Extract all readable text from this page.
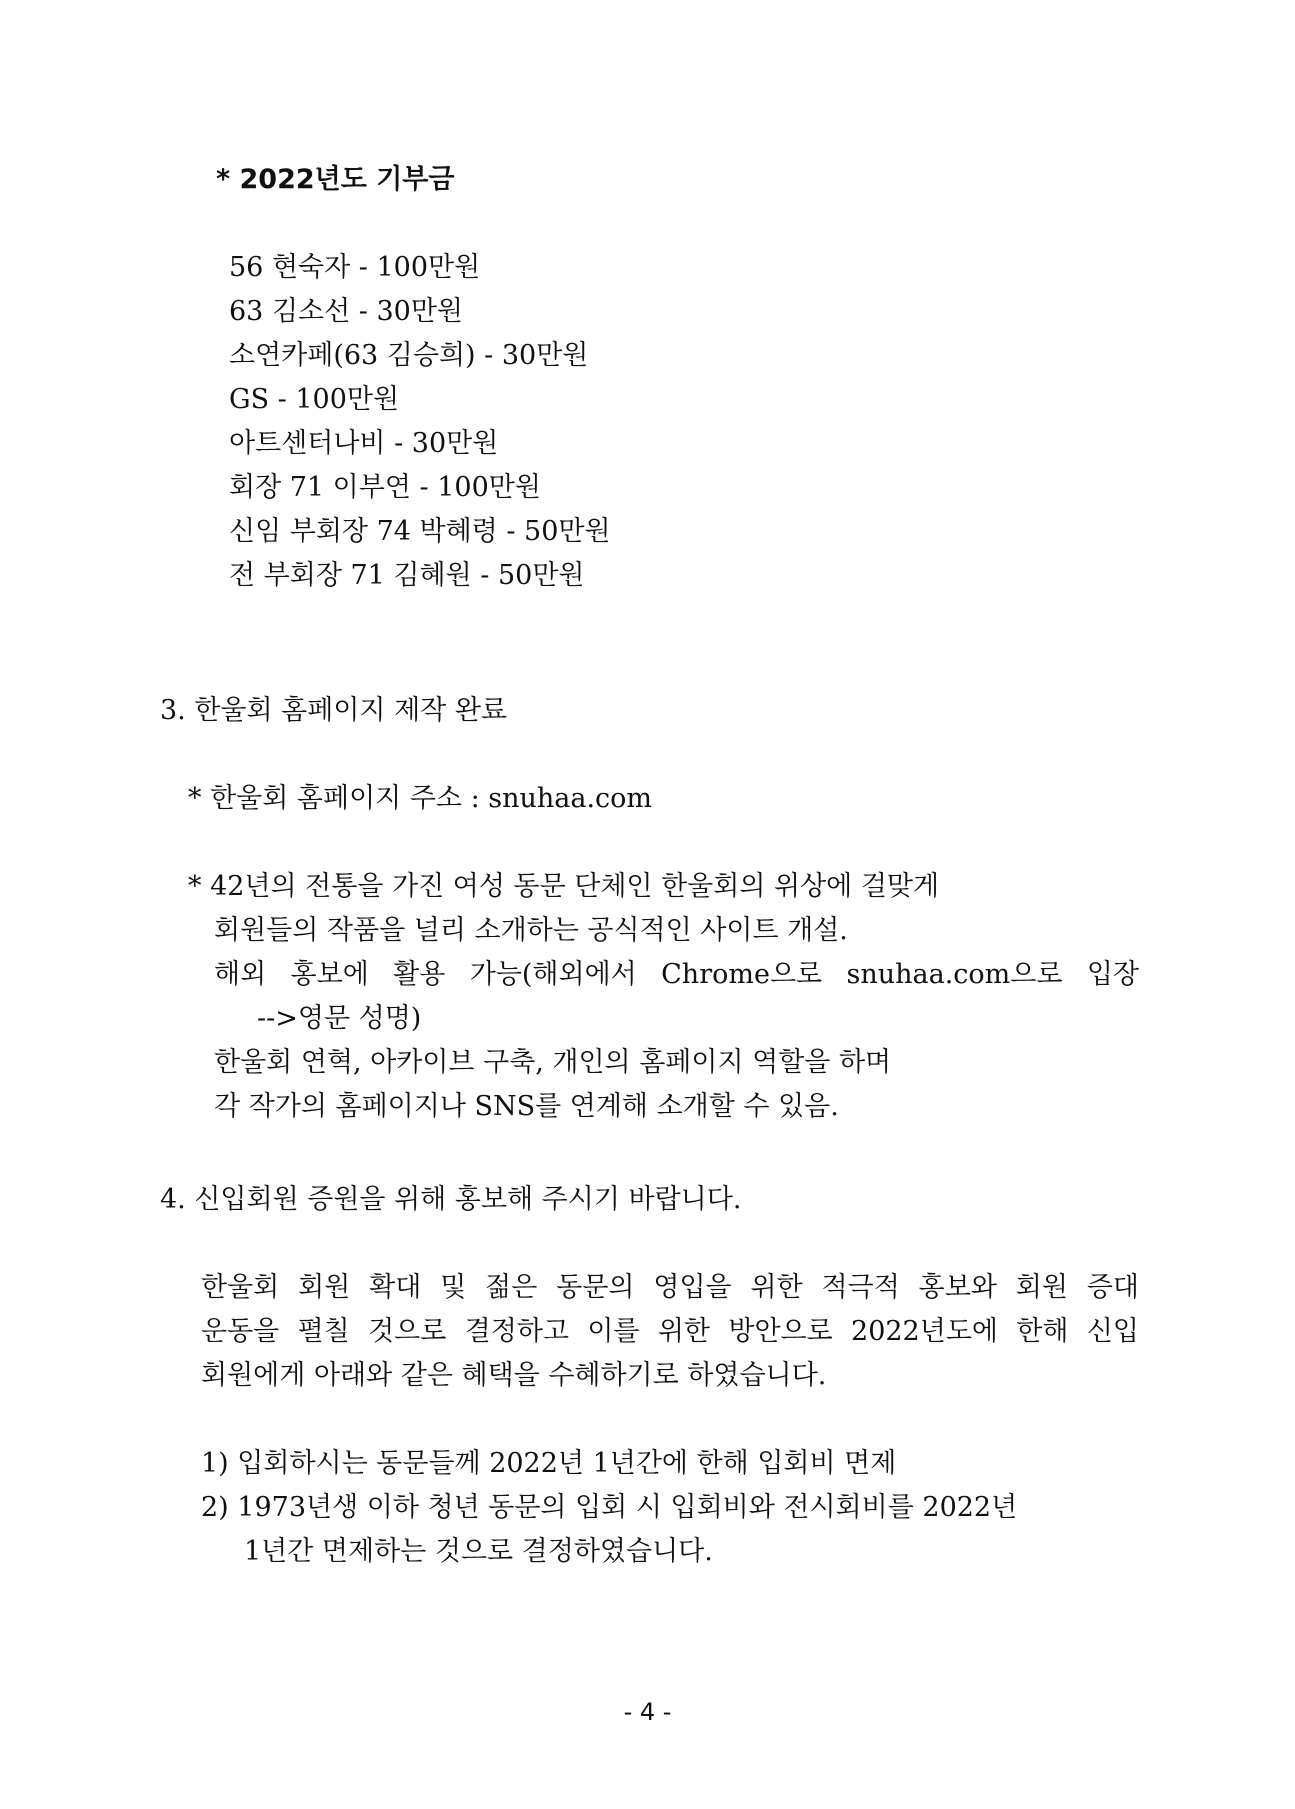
* 2022년도 기부금
56 현숙자 - 100만원
63 김소선 - 30만원
소연카페(63 김승희) - 30만원
GS - 100만원
아트센터나비 - 30만원
회장 71 이부연 - 100만원
신임 부회장 74 박혜령 - 50만원
전 부회장 71 김혜원 - 50만원
3. 한울회 홈페이지 제작 완료
* 한울회 홈페이지 주소 : snuhaa.com
* 42년의 전통을 가진 여성 동문 단체인 한울회의 위상에 걸맞게
회원들의 작품을 널리 소개하는 공식적인 사이트 개설.
해외 홍보에 활용 가능(해외에서 Chrome으로 snuhaa.com으로 입장
-->영문 성명)
한울회 연혁, 아카이브 구축, 개인의 홈페이지 역할을 하며
각 작가의 홈페이지나 SNS를 연계해 소개할 수 있음.
4. 신입회원 증원을 위해 홍보해 주시기 바랍니다.
한울회 회원 확대 및 젊은 동문의 영입을 위한 적극적 홍보와 회원 증대
운동을 펼칠 것으로 결정하고 이를 위한 방안으로 2022년도에 한해 신입
회원에게 아래와 같은 혜택을 수혜하기로 하였습니다.
1) 입회하시는 동문들께 2022년 1년간에 한해 입회비 면제
2) 1973년생 이하 청년 동문의 입회 시 입회비와 전시회비를 2022년
1년간 면제하는 것으로 결정하였습니다.
- 4 -
